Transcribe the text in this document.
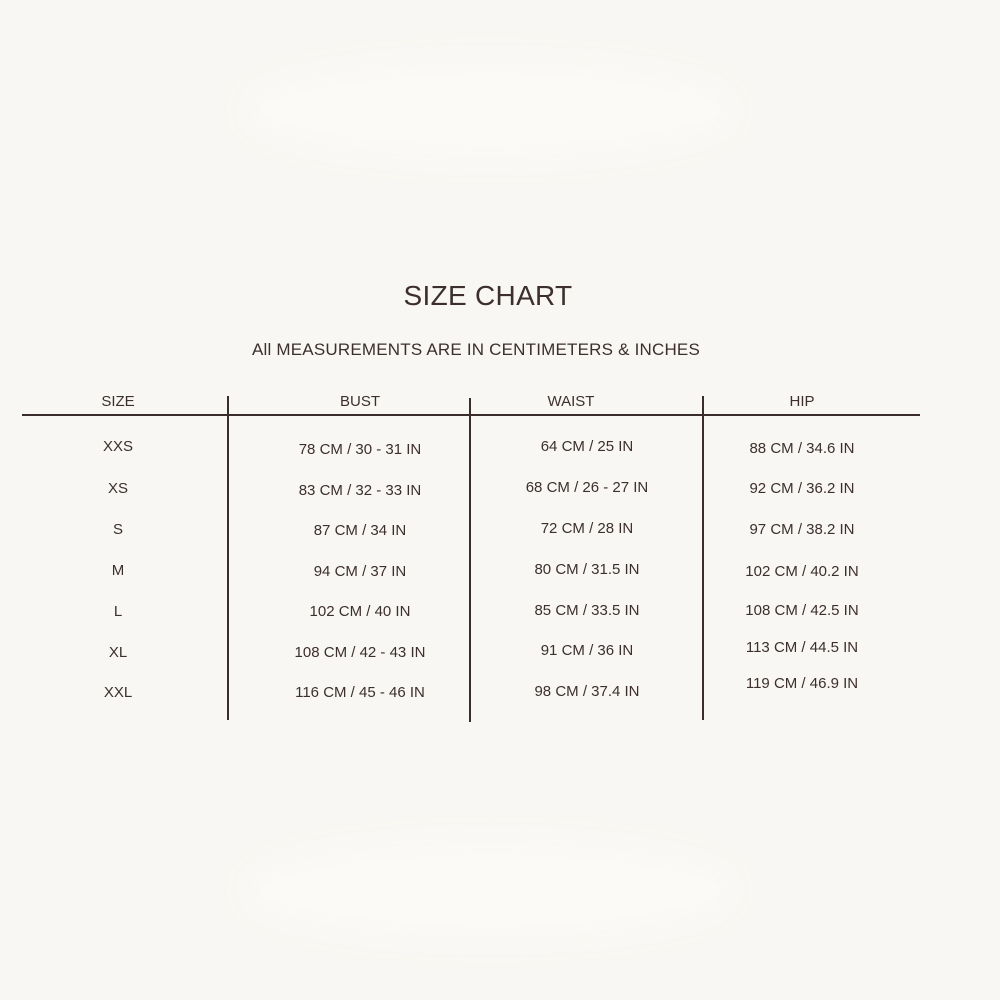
SIZE CHART
All MEASUREMENTS ARE IN CENTIMETERS & INCHES
SIZE	BUST	WAIST	HIP
XXS	78 CM / 30 - 31 IN	64 CM / 25 IN	88 CM / 34.6 IN
XS	83 CM / 32 - 33 IN	68 CM / 26 - 27 IN	92 CM / 36.2 IN
S	87 CM / 34 IN	72 CM / 28 IN	97 CM / 38.2 IN
M	94 CM / 37 IN	80 CM / 31.5 IN	102 CM / 40.2 IN
L	102 CM / 40 IN	85 CM / 33.5 IN	108 CM / 42.5 IN
XL	108 CM / 42 - 43 IN	91 CM / 36 IN	113 CM / 44.5 IN
XXL	116 CM / 45 - 46 IN	98 CM / 37.4 IN	119 CM / 46.9 IN
